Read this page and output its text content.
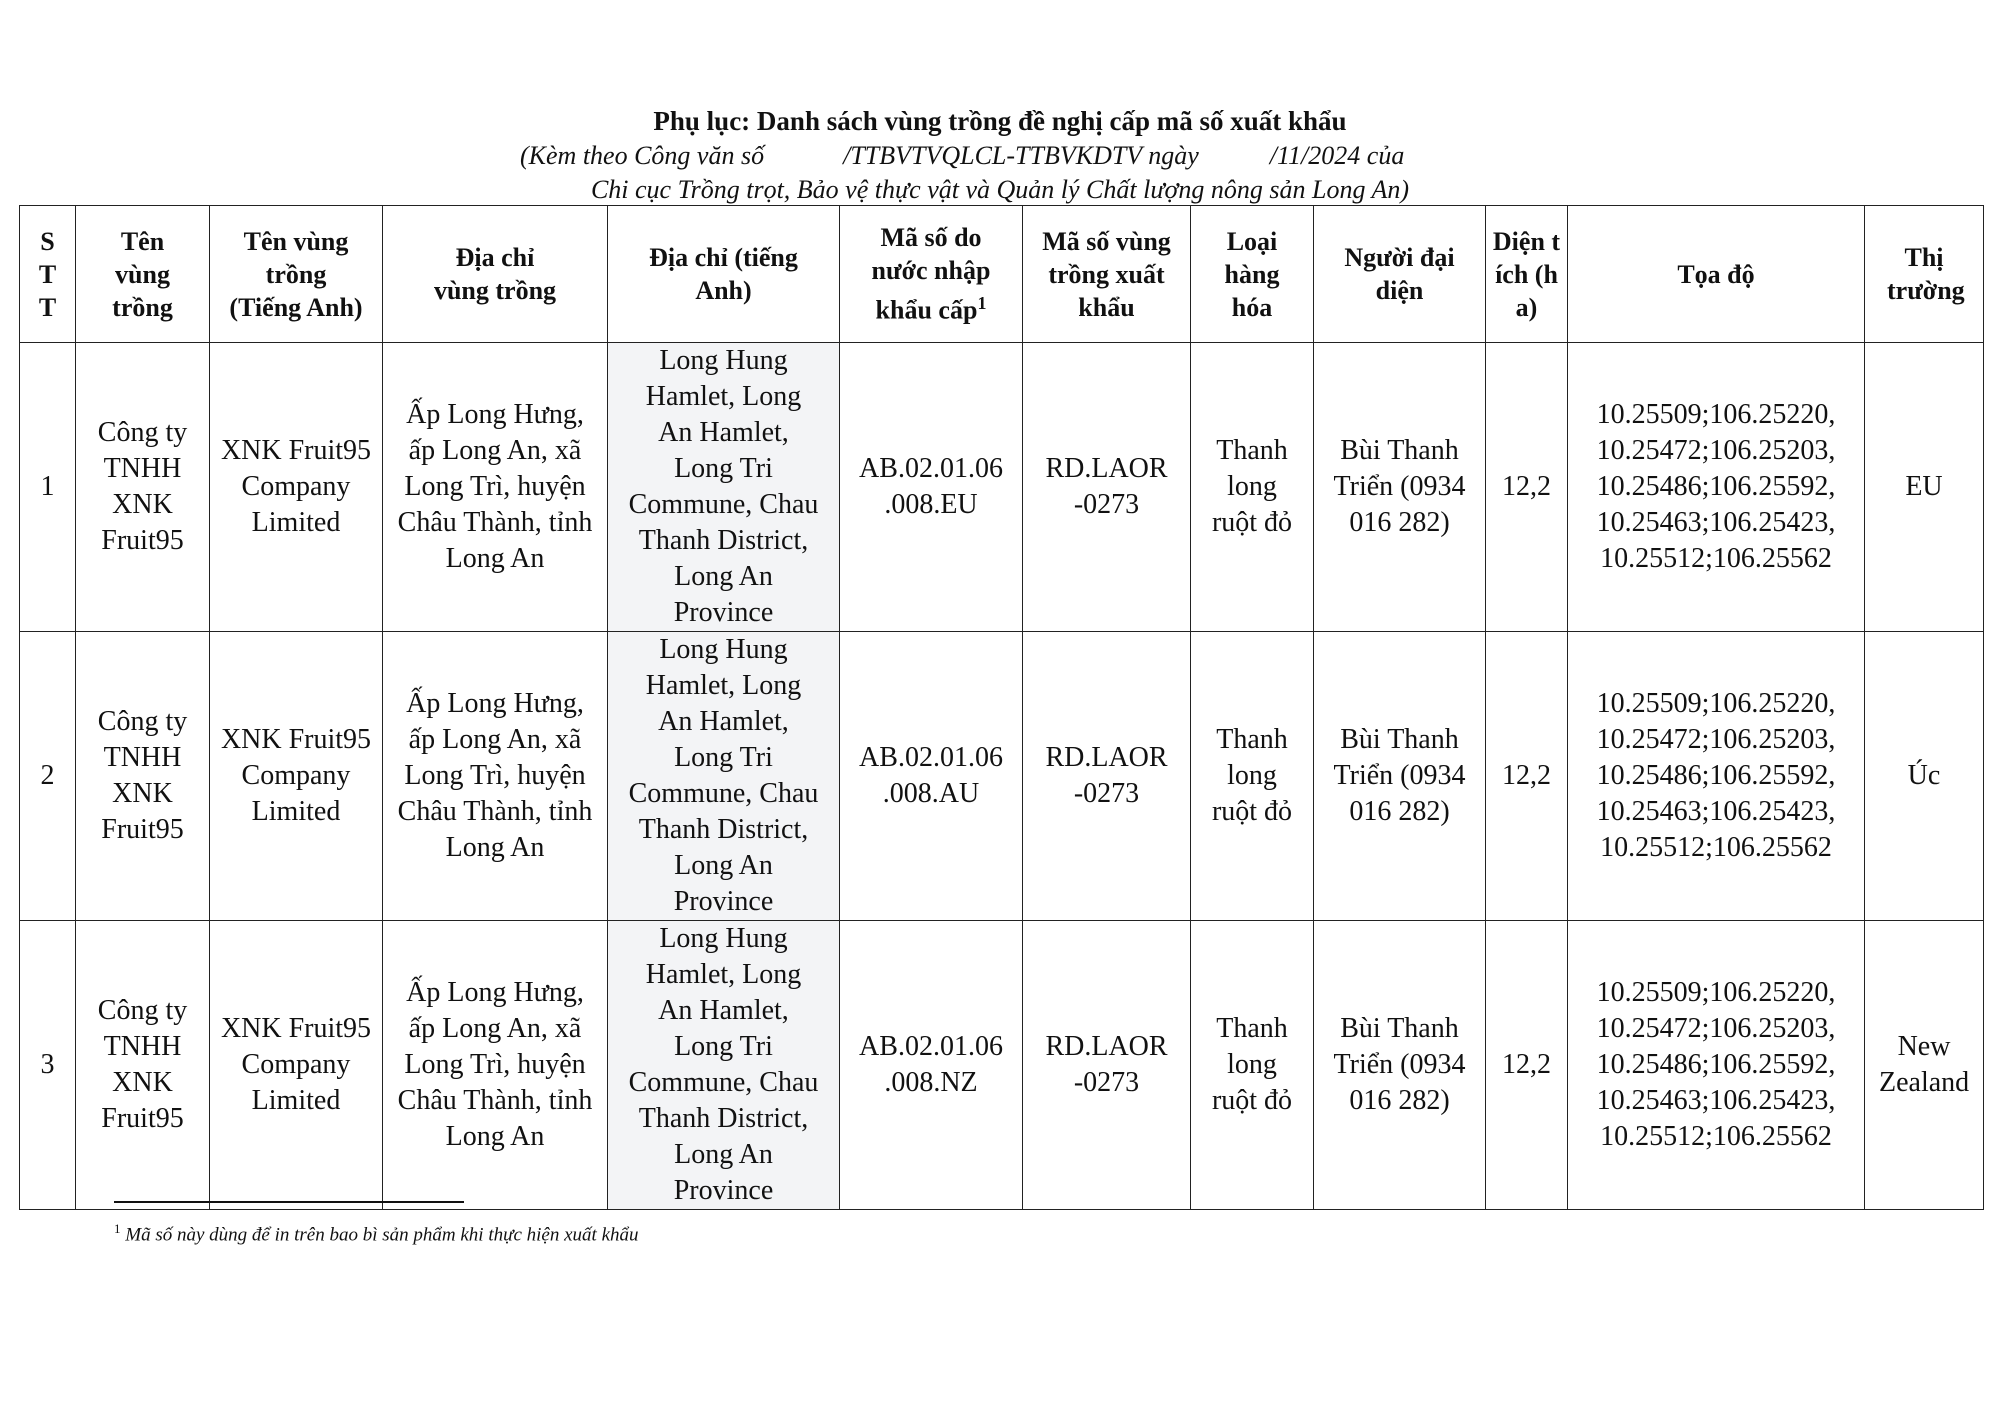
Phụ lục: Danh sách vùng trồng đề nghị cấp mã số xuất khẩu
(Kèm theo Công văn số	/TTBVTVQLCL-TTBVKDTV ngày	/11/2024 của
Chi cục Trồng trọt, Bảo vệ thực vật và Quản lý Chất lượng nông sản Long An)
STT	Tên vùng trồng	Tên vùng trồng (Tiếng Anh)	Địa chỉ vùng trồng	Địa chỉ (tiếng Anh)	Mã số do nước nhập khẩu cấp$^1$	Mã số vùng trồng xuất khẩu	Loại hàng hóa	Người đại diện	Diện tích (ha)	Tọa độ	Thị trường
1	Công ty TNHH XNK Fruit95	XNK Fruit95 Company Limited	Ấp Long Hưng, ấp Long An, xã Long Trì, huyện Châu Thành, tỉnh Long An	Long Hung Hamlet, Long An Hamlet, Long Tri Commune, Chau Thanh District, Long An Province	AB.02.01.06 .008.EU	RD.LAOR -0273	Thanh long ruột đỏ	Bùi Thanh Triển (0934 016 282)	12,2	10.25509;106.25220, 10.25472;106.25203, 10.25486;106.25592, 10.25463;106.25423, 10.25512;106.25562	EU
2	Công ty TNHH XNK Fruit95	XNK Fruit95 Company Limited	Ấp Long Hưng, ấp Long An, xã Long Trì, huyện Châu Thành, tỉnh Long An	Long Hung Hamlet, Long An Hamlet, Long Tri Commune, Chau Thanh District, Long An Province	AB.02.01.06 .008.AU	RD.LAOR -0273	Thanh long ruột đỏ	Bùi Thanh Triển (0934 016 282)	12,2	10.25509;106.25220, 10.25472;106.25203, 10.25486;106.25592, 10.25463;106.25423, 10.25512;106.25562	Úc
3	Công ty TNHH XNK Fruit95	XNK Fruit95 Company Limited	Ấp Long Hưng, ấp Long An, xã Long Trì, huyện Châu Thành, tỉnh Long An	Long Hung Hamlet, Long An Hamlet, Long Tri Commune, Chau Thanh District, Long An Province	AB.02.01.06 .008.NZ	RD.LAOR -0273	Thanh long ruột đỏ	Bùi Thanh Triển (0934 016 282)	12,2	10.25509;106.25220, 10.25472;106.25203, 10.25486;106.25592, 10.25463;106.25423, 10.25512;106.25562	New Zealand
$^1$ Mã số này dùng để in trên bao bì sản phẩm khi thực hiện xuất khẩu
